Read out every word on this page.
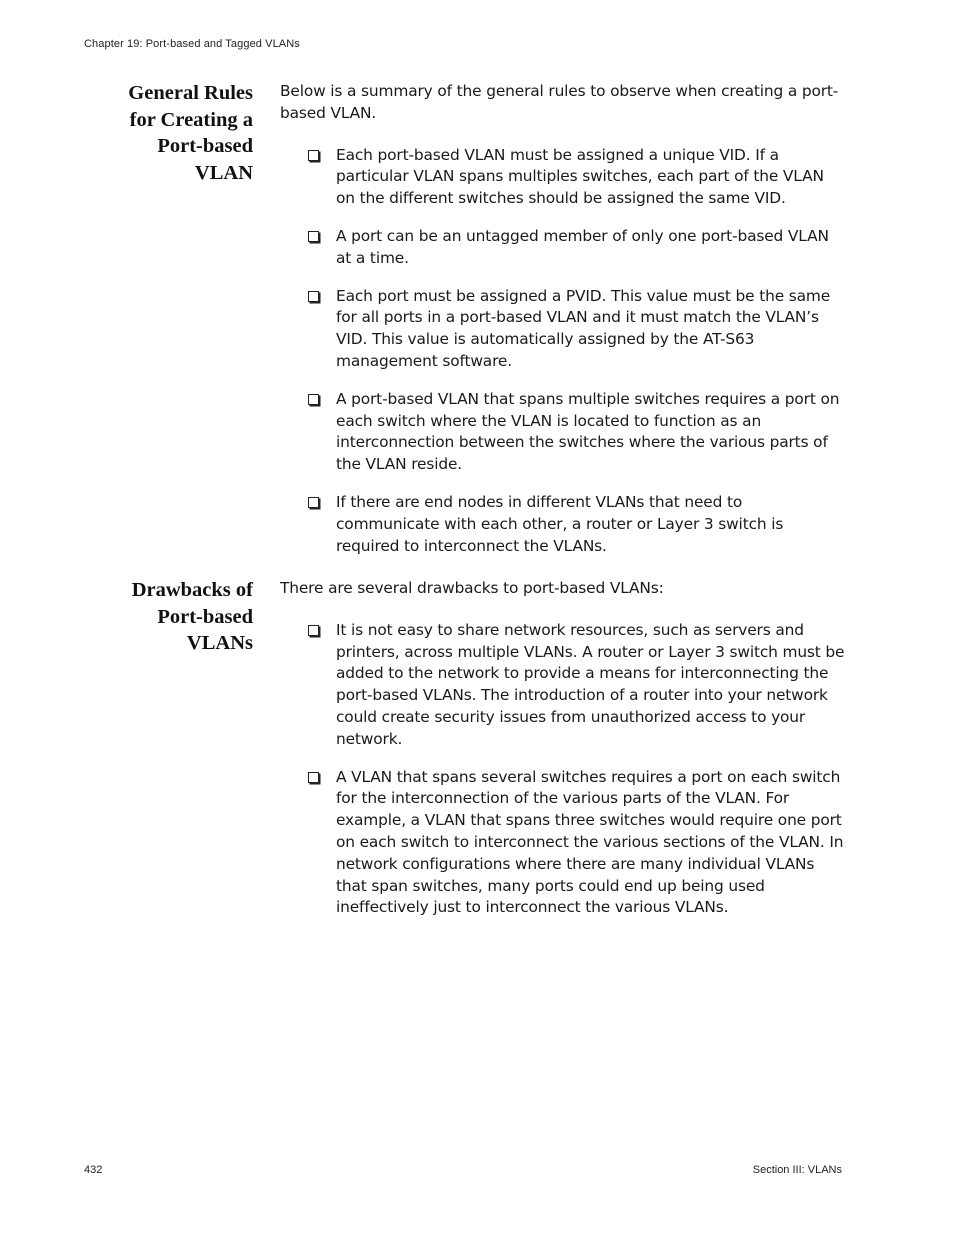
Chapter 19: Port-based and Tagged VLANs
General Rules
for Creating a
Port-based
VLAN

Below is a summary of the general rules to observe when creating a port-based VLAN.

Each port-based VLAN must be assigned a unique VID. If a particular VLAN spans multiples switches, each part of the VLAN on the different switches should be assigned the same VID.
A port can be an untagged member of only one port-based VLAN at a time.
Each port must be assigned a PVID. This value must be the same for all ports in a port-based VLAN and it must match the VLAN’s VID. This value is automatically assigned by the AT-S63 management software.
A port-based VLAN that spans multiple switches requires a port on each switch where the VLAN is located to function as an interconnection between the switches where the various parts of the VLAN reside.
If there are end nodes in different VLANs that need to communicate with each other, a router or Layer 3 switch is required to interconnect the VLANs.
Drawbacks of
Port-based
VLANs

There are several drawbacks to port-based VLANs:

It is not easy to share network resources, such as servers and printers, across multiple VLANs. A router or Layer 3 switch must be added to the network to provide a means for interconnecting the port-based VLANs. The introduction of a router into your network could create security issues from unauthorized access to your network.
A VLAN that spans several switches requires a port on each switch for the interconnection of the various parts of the VLAN. For example, a VLAN that spans three switches would require one port on each switch to interconnect the various sections of the VLAN. In network configurations where there are many individual VLANs that span switches, many ports could end up being used ineffectively just to interconnect the various VLANs.
432	Section III: VLANs
